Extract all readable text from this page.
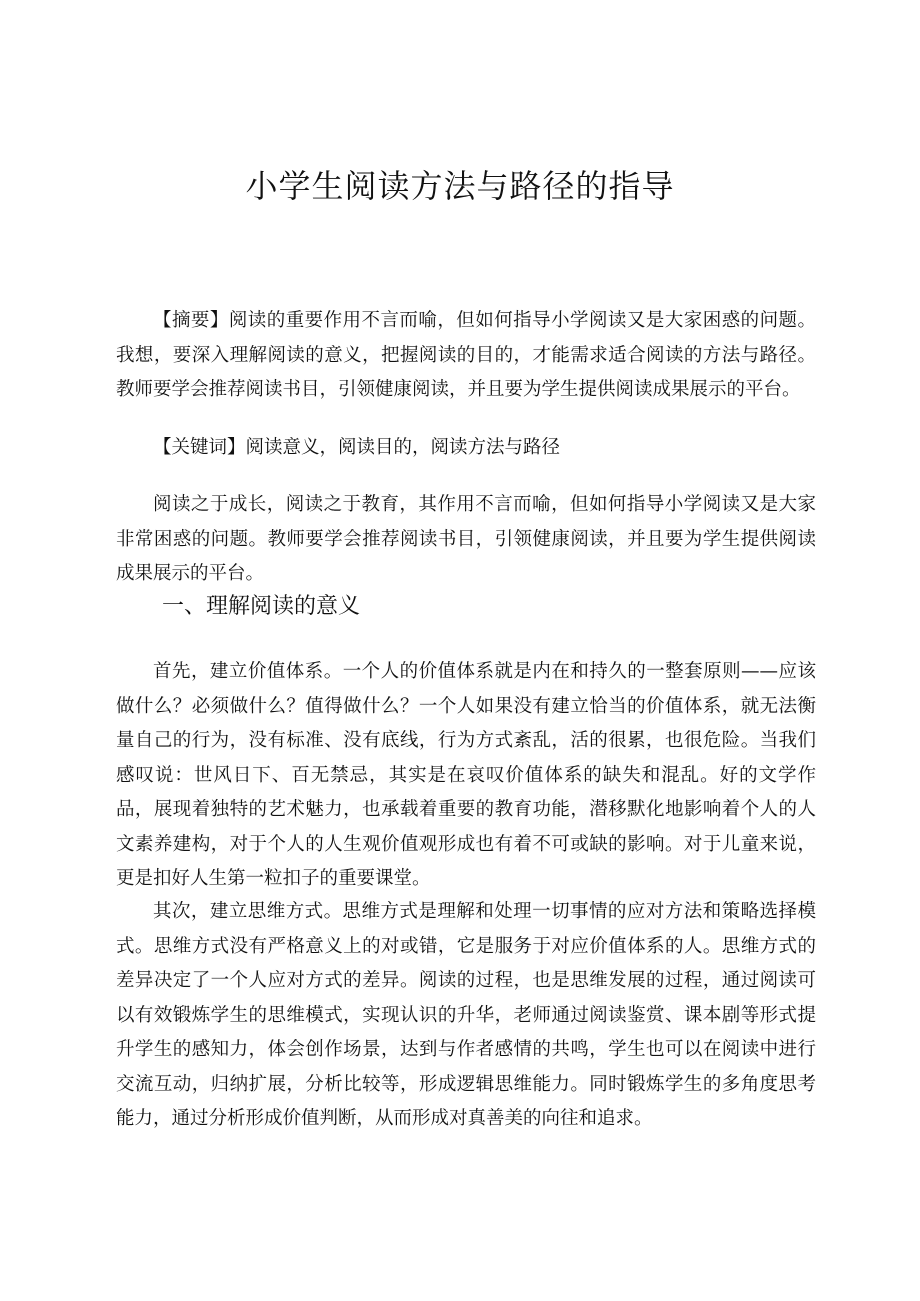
小学生阅读方法与路径的指导

【摘要】阅读的重要作用不言而喻，但如何指导小学阅读又是大家困惑的问题。我想，要深入理解阅读的意义，把握阅读的目的，才能需求适合阅读的方法与路径。教师要学会推荐阅读书目，引领健康阅读，并且要为学生提供阅读成果展示的平台。

【关键词】阅读意义，阅读目的，阅读方法与路径

阅读之于成长，阅读之于教育，其作用不言而喻，但如何指导小学阅读又是大家非常困惑的问题。教师要学会推荐阅读书目，引领健康阅读，并且要为学生提供阅读成果展示的平台。

一、理解阅读的意义

首先，建立价值体系。一个人的价值体系就是内在和持久的一整套原则——应该做什么？必须做什么？值得做什么？一个人如果没有建立恰当的价值体系，就无法衡量自己的行为，没有标准、没有底线，行为方式紊乱，活的很累，也很危险。当我们感叹说：世风日下、百无禁忌，其实是在哀叹价值体系的缺失和混乱。好的文学作品，展现着独特的艺术魅力，也承载着重要的教育功能，潜移默化地影响着个人的人文素养建构，对于个人的人生观价值观形成也有着不可或缺的影响。对于儿童来说，更是扣好人生第一粒扣子的重要课堂。

其次，建立思维方式。思维方式是理解和处理一切事情的应对方法和策略选择模式。思维方式没有严格意义上的对或错，它是服务于对应价值体系的人。思维方式的差异决定了一个人应对方式的差异。阅读的过程，也是思维发展的过程，通过阅读可以有效锻炼学生的思维模式，实现认识的升华，老师通过阅读鉴赏、课本剧等形式提升学生的感知力，体会创作场景，达到与作者感情的共鸣，学生也可以在阅读中进行交流互动，归纳扩展，分析比较等，形成逻辑思维能力。同时锻炼学生的多角度思考能力，通过分析形成价值判断，从而形成对真善美的向往和追求。
